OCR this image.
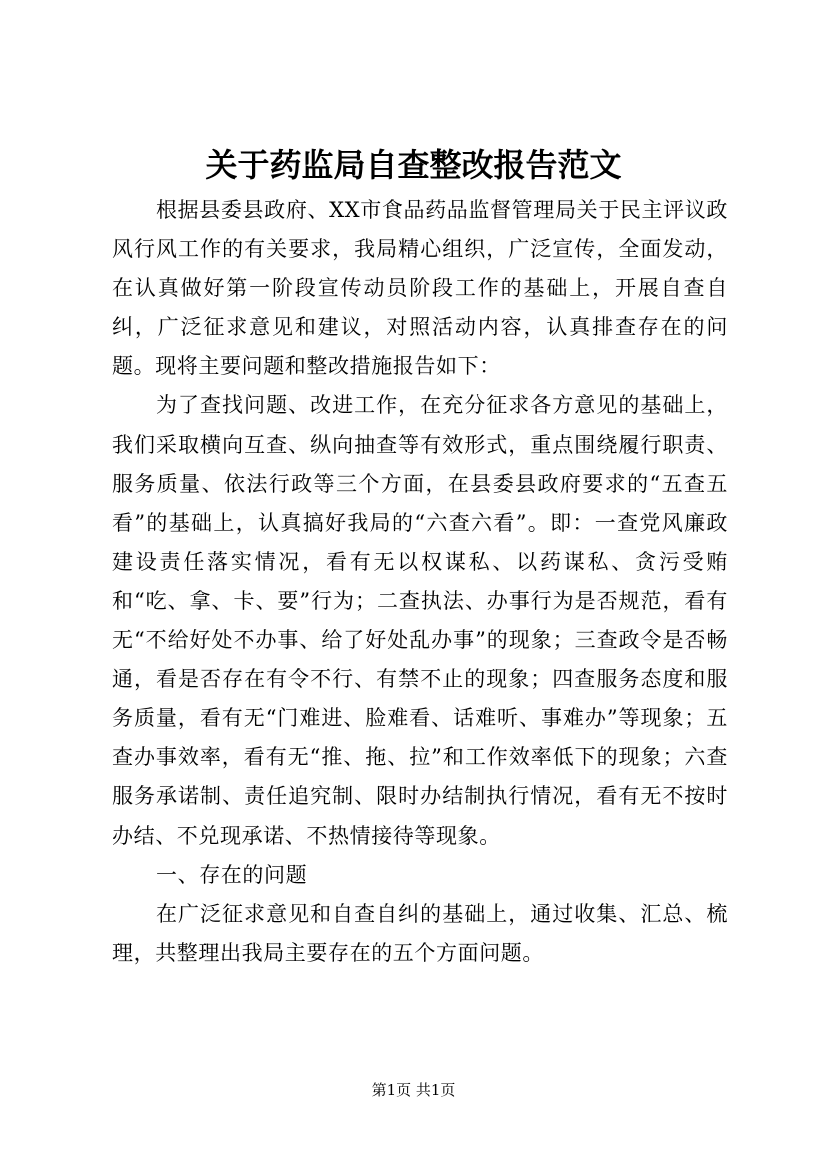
关于药监局自查整改报告范文

根据县委县政府、XX市食品药品监督管理局关于民主评议政风行风工作的有关要求，我局精心组织，广泛宣传，全面发动，在认真做好第一阶段宣传动员阶段工作的基础上，开展自查自纠，广泛征求意见和建议，对照活动内容，认真排查存在的问题。现将主要问题和整改措施报告如下：

为了查找问题、改进工作，在充分征求各方意见的基础上，我们采取横向互查、纵向抽查等有效形式，重点围绕履行职责、服务质量、依法行政等三个方面，在县委县政府要求的“五查五看”的基础上，认真搞好我局的“六查六看”。即：一查党风廉政建设责任落实情况，看有无以权谋私、以药谋私、贪污受贿和“吃、拿、卡、要”行为；二查执法、办事行为是否规范，看有无“不给好处不办事、给了好处乱办事”的现象；三查政令是否畅通，看是否存在有令不行、有禁不止的现象；四查服务态度和服务质量，看有无“门难进、脸难看、话难听、事难办”等现象；五查办事效率，看有无“推、拖、拉”和工作效率低下的现象；六查服务承诺制、责任追究制、限时办结制执行情况，看有无不按时办结、不兑现承诺、不热情接待等现象。

一、存在的问题

在广泛征求意见和自查自纠的基础上，通过收集、汇总、梳理，共整理出我局主要存在的五个方面问题。

第1页 共1页
